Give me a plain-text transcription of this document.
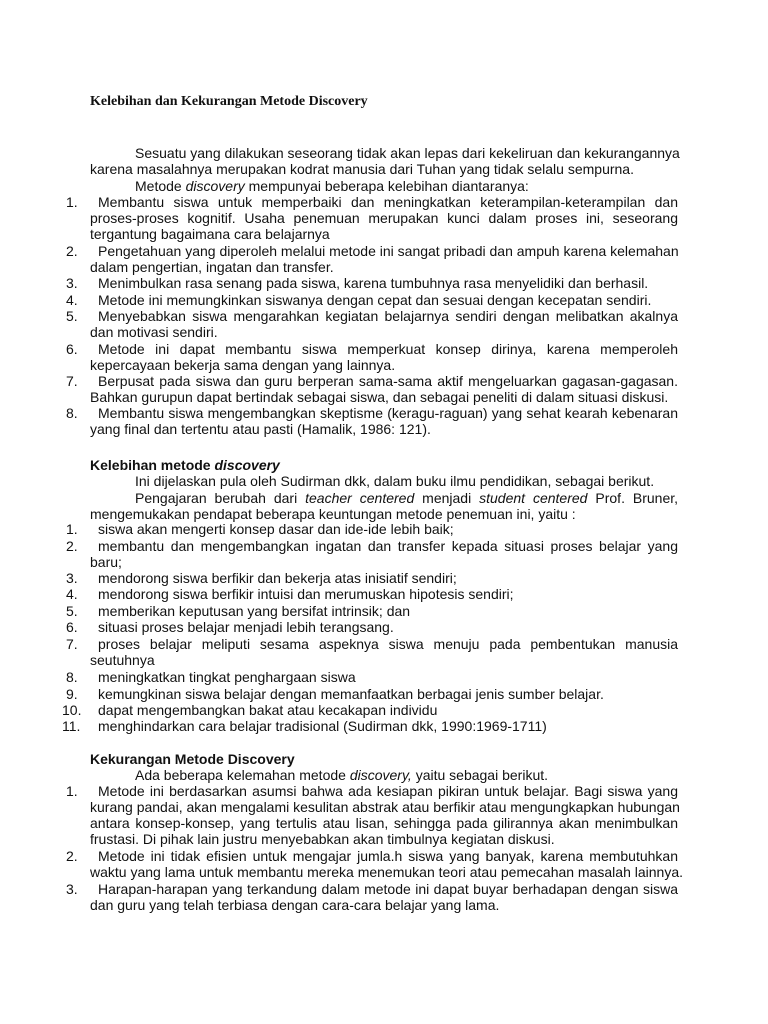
Kelebihan dan Kekurangan Metode Discovery

Sesuatu yang dilakukan seseorang tidak akan lepas dari kekeliruan dan kekurangannya

karena masalahnya merupakan kodrat manusia dari Tuhan yang tidak selalu sempurna.

Metode discovery mempunyai beberapa kelebihan diantaranya:

1. Membantu siswa untuk memperbaiki dan meningkatkan keterampilan-keterampilan dan

proses-proses kognitif. Usaha penemuan merupakan kunci dalam proses ini, seseorang

tergantung bagaimana cara belajarnya

2. Pengetahuan yang diperoleh melalui metode ini sangat pribadi dan ampuh karena kelemahan

dalam pengertian, ingatan dan transfer.

3. Menimbulkan rasa senang pada siswa, karena tumbuhnya rasa menyelidiki dan berhasil.

4. Metode ini memungkinkan siswanya dengan cepat dan sesuai dengan kecepatan sendiri.

5. Menyebabkan siswa mengarahkan kegiatan belajarnya sendiri dengan melibatkan akalnya

dan motivasi sendiri.

6. Metode ini dapat membantu siswa memperkuat konsep dirinya, karena memperoleh

kepercayaan bekerja sama dengan yang lainnya.

7. Berpusat pada siswa dan guru berperan sama-sama aktif mengeluarkan gagasan-gagasan.

Bahkan gurupun dapat bertindak sebagai siswa, dan sebagai peneliti di dalam situasi diskusi.

8. Membantu siswa mengembangkan skeptisme (keragu-raguan) yang sehat kearah kebenaran

yang final dan tertentu atau pasti (Hamalik, 1986: 121).

Kelebihan metode discovery

Ini dijelaskan pula oleh Sudirman dkk, dalam buku ilmu pendidikan, sebagai berikut.

Pengajaran berubah dari teacher centered menjadi student centered Prof. Bruner,

mengemukakan pendapat beberapa keuntungan metode penemuan ini, yaitu :

1. siswa akan mengerti konsep dasar dan ide-ide lebih baik;

2. membantu dan mengembangkan ingatan dan transfer kepada situasi proses belajar yang

baru;

3. mendorong siswa berfikir dan bekerja atas inisiatif sendiri;

4. mendorong siswa berfikir intuisi dan merumuskan hipotesis sendiri;

5. memberikan keputusan yang bersifat intrinsik; dan

6. situasi proses belajar menjadi lebih terangsang.

7. proses belajar meliputi sesama aspeknya siswa menuju pada pembentukan manusia

seutuhnya

8. meningkatkan tingkat penghargaan siswa

9. kemungkinan siswa belajar dengan memanfaatkan berbagai jenis sumber belajar.

10. dapat mengembangkan bakat atau kecakapan individu

11. menghindarkan cara belajar tradisional (Sudirman dkk, 1990:1969-1711)

Kekurangan Metode Discovery

Ada beberapa kelemahan metode discovery, yaitu sebagai berikut.

1. Metode ini berdasarkan asumsi bahwa ada kesiapan pikiran untuk belajar. Bagi siswa yang

kurang pandai, akan mengalami kesulitan abstrak atau berfikir atau mengungkapkan hubungan

antara konsep-konsep, yang tertulis atau lisan, sehingga pada gilirannya akan menimbulkan

frustasi. Di pihak lain justru menyebabkan akan timbulnya kegiatan diskusi.

2. Metode ini tidak efisien untuk mengajar jumla.h siswa yang banyak, karena membutuhkan

waktu yang lama untuk membantu mereka menemukan teori atau pemecahan masalah lainnya.

3. Harapan-harapan yang terkandung dalam metode ini dapat buyar berhadapan dengan siswa

dan guru yang telah terbiasa dengan cara-cara belajar yang lama.
